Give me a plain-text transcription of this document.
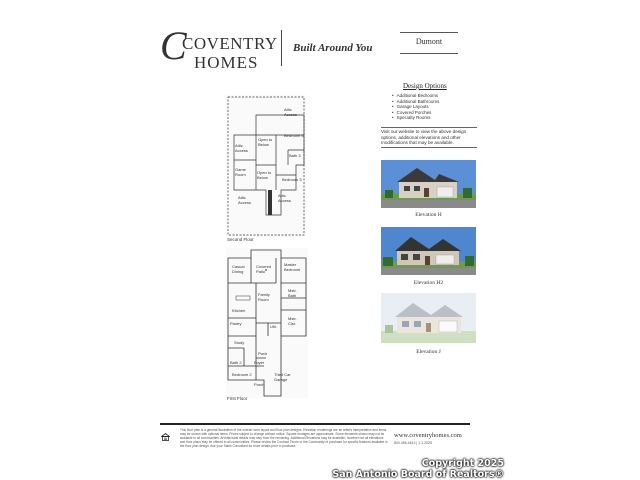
C
COVENTRY
HOMES
Built Around You
Dumont
Attic Access
Open to Below
Bedroom 4
Attic Access
Bath 3
Game Room	Open to Below	Bedroom 3
Attic Access
Attic Access
Second Floor
Casual Dining
Covered Patio
Master Bedroom
Family Room
Mstr. Bath
Kitchen
Pantry
Util.
Mstr. Clst.
Study
Pwdr
Bath 2	Foyer
Bedroom 2
Porch
Third Car Garage
First Floor
Design Options
• Additional Bedrooms
• Additional Bathrooms
• Garage Layouts
• Covered Porches
• Specialty Rooms
Visit our website to view the above design options, additional elevations and other modifications that may be available.
Elevation H
Elevation H2
Elevation J
This floor plan is a general illustration of the overall room layout and floor plan designs. Elevation renderings are an artist's interpretation and items may be shown with optional items. Prices subject to change without notice. Square footages are approximate. Some elements shown may not be available in all communities. Architectural details may vary from the rendering. Additional Elevations may be available; however not all elevations and floor plans may be offered in all communities. Please review the Contract Terms or the Community of purchase for specific features available in the floor plan design. Ask your Sales Consultant for more details prior to purchase.
www.coventryhomes.com
800.456.4613 | 1.1.2025
Copyright 2025
San Antonio Board of Realtors®
